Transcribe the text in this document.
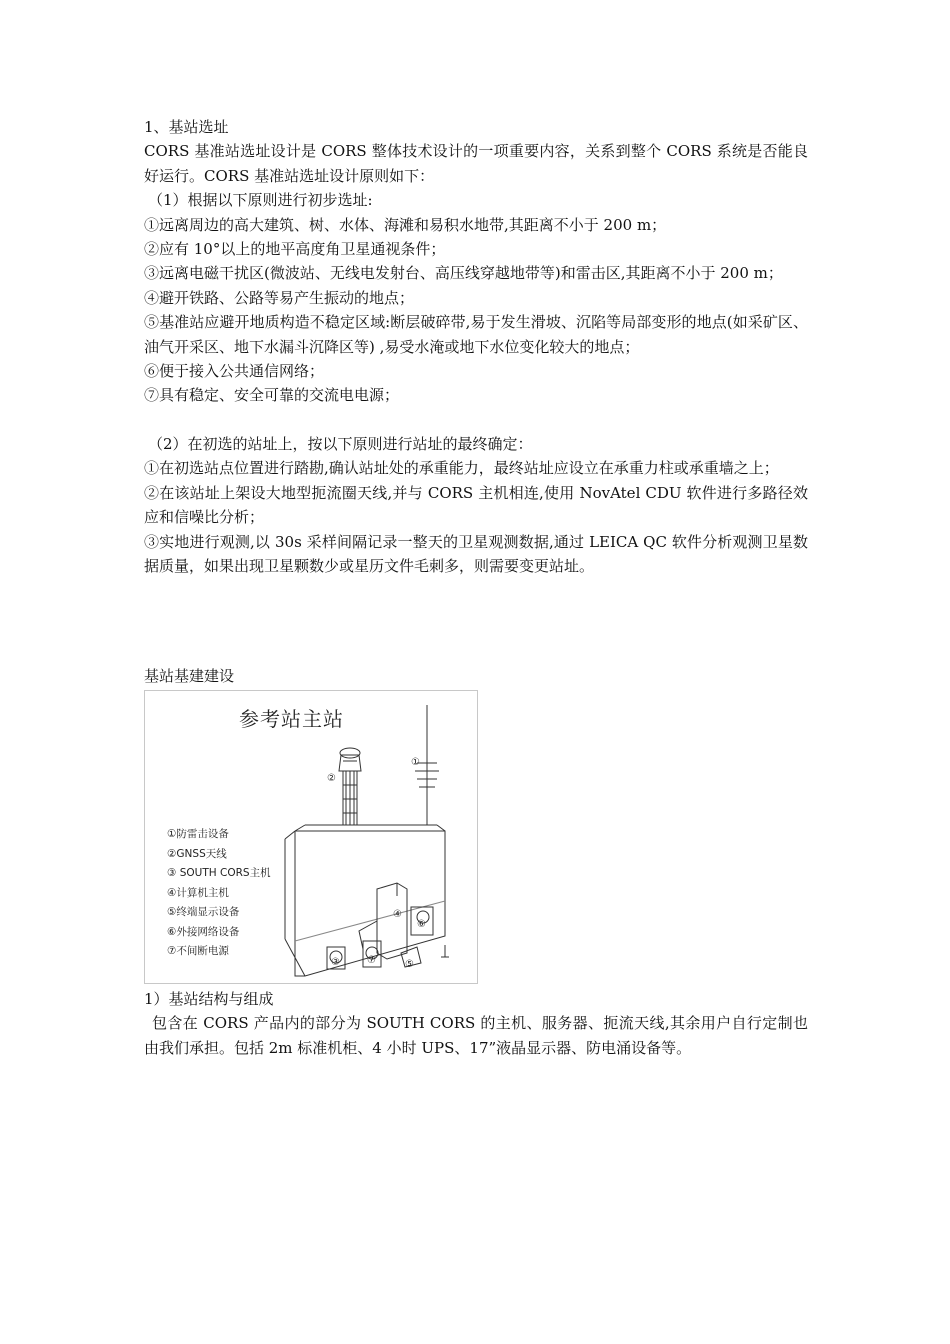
1、基站选址

CORS 基准站选址设计是 CORS 整体技术设计的一项重要内容，关系到整个 CORS 系统是否能良好运行。CORS 基准站选址设计原则如下：

（1）根据以下原则进行初步选址:

①远离周边的高大建筑、树、水体、海滩和易积水地带,其距离不小于 200 m；

②应有 10°以上的地平高度角卫星通视条件；

③远离电磁干扰区(微波站、无线电发射台、高压线穿越地带等)和雷击区,其距离不小于 200 m；

④避开铁路、公路等易产生振动的地点；

⑤基准站应避开地质构造不稳定区域:断层破碎带,易于发生滑坡、沉陷等局部变形的地点(如采矿区、油气开采区、地下水漏斗沉降区等) ,易受水淹或地下水位变化较大的地点；

⑥便于接入公共通信网络；

⑦具有稳定、安全可靠的交流电电源；

（2）在初选的站址上，按以下原则进行站址的最终确定：

①在初选站点位置进行踏勘,确认站址处的承重能力，最终站址应设立在承重力柱或承重墙之上；

②在该站址上架设大地型扼流圈天线,并与 CORS 主机相连,使用 NovAtel CDU 软件进行多路径效应和信噪比分析；

③实地进行观测,以 30s 采样间隔记录一整天的卫星观测数据,通过 LEICA QC 软件分析观测卫星数据质量，如果出现卫星颗数少或星历文件毛刺多，则需要变更站址。

基站基建建设

参考站主站
②
①
③
④
⑤
⑥
⑦
①防雷击设备
②GNSS天线
③ SOUTH CORS主机
④计算机主机
⑤终端显示设备
⑥外接网络设备
⑦不间断电源

1）基站结构与组成

包含在 CORS 产品内的部分为 SOUTH CORS 的主机、服务器、扼流天线,其余用户自行定制也由我们承担。包括 2m 标准机柜、4 小时 UPS、17”液晶显示器、防电涌设备等。
